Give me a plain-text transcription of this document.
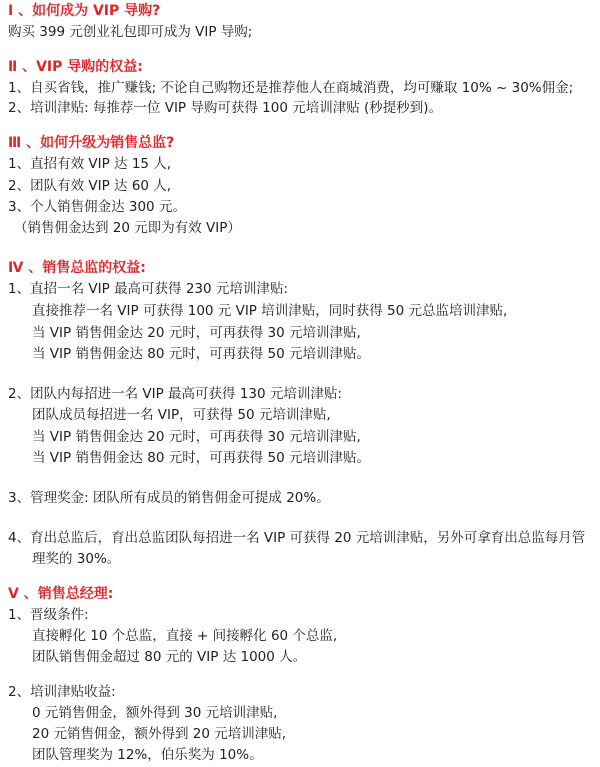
Ⅰ 、如何成为 VIP 导购?
购买 399 元创业礼包即可成为 VIP 导购;
Ⅱ 、VIP 导购的权益:
1、自买省钱，推广赚钱; 不论自己购物还是推荐他人在商城消费，均可赚取 10% ~ 30%佣金;
2、培训津贴: 每推荐一位 VIP 导购可获得 100 元培训津贴 (秒提秒到)。
Ⅲ 、如何升级为销售总监?
1、直招有效 VIP 达 15 人,
2、团队有效 VIP 达 60 人,
3、个人销售佣金达 300 元。
（销售佣金达到 20 元即为有效 VIP）
Ⅳ 、销售总监的权益:
1、直招一名 VIP 最高可获得 230 元培训津贴:
直接推荐一名 VIP 可获得 100 元 VIP 培训津贴，同时获得 50 元总监培训津贴,
当 VIP 销售佣金达 20 元时，可再获得 30 元培训津贴,
当 VIP 销售佣金达 80 元时，可再获得 50 元培训津贴。
2、团队内每招进一名 VIP 最高可获得 130 元培训津贴:
团队成员每招进一名 VIP，可获得 50 元培训津贴,
当 VIP 销售佣金达 20 元时，可再获得 30 元培训津贴,
当 VIP 销售佣金达 80 元时，可再获得 50 元培训津贴。
3、管理奖金: 团队所有成员的销售佣金可提成 20%。
4、育出总监后，育出总监团队每招进一名 VIP 可获得 20 元培训津贴，另外可拿育出总监每月管
理奖的 30%。
Ⅴ 、销售总经理:
1、晋级条件:
直接孵化 10 个总监，直接 + 间接孵化 60 个总监,
团队销售佣金超过 80 元的 VIP 达 1000 人。
2、培训津贴收益:
0 元销售佣金，额外得到 30 元培训津贴,
20 元销售佣金，额外得到 20 元培训津贴,
团队管理奖为 12%，伯乐奖为 10%。
